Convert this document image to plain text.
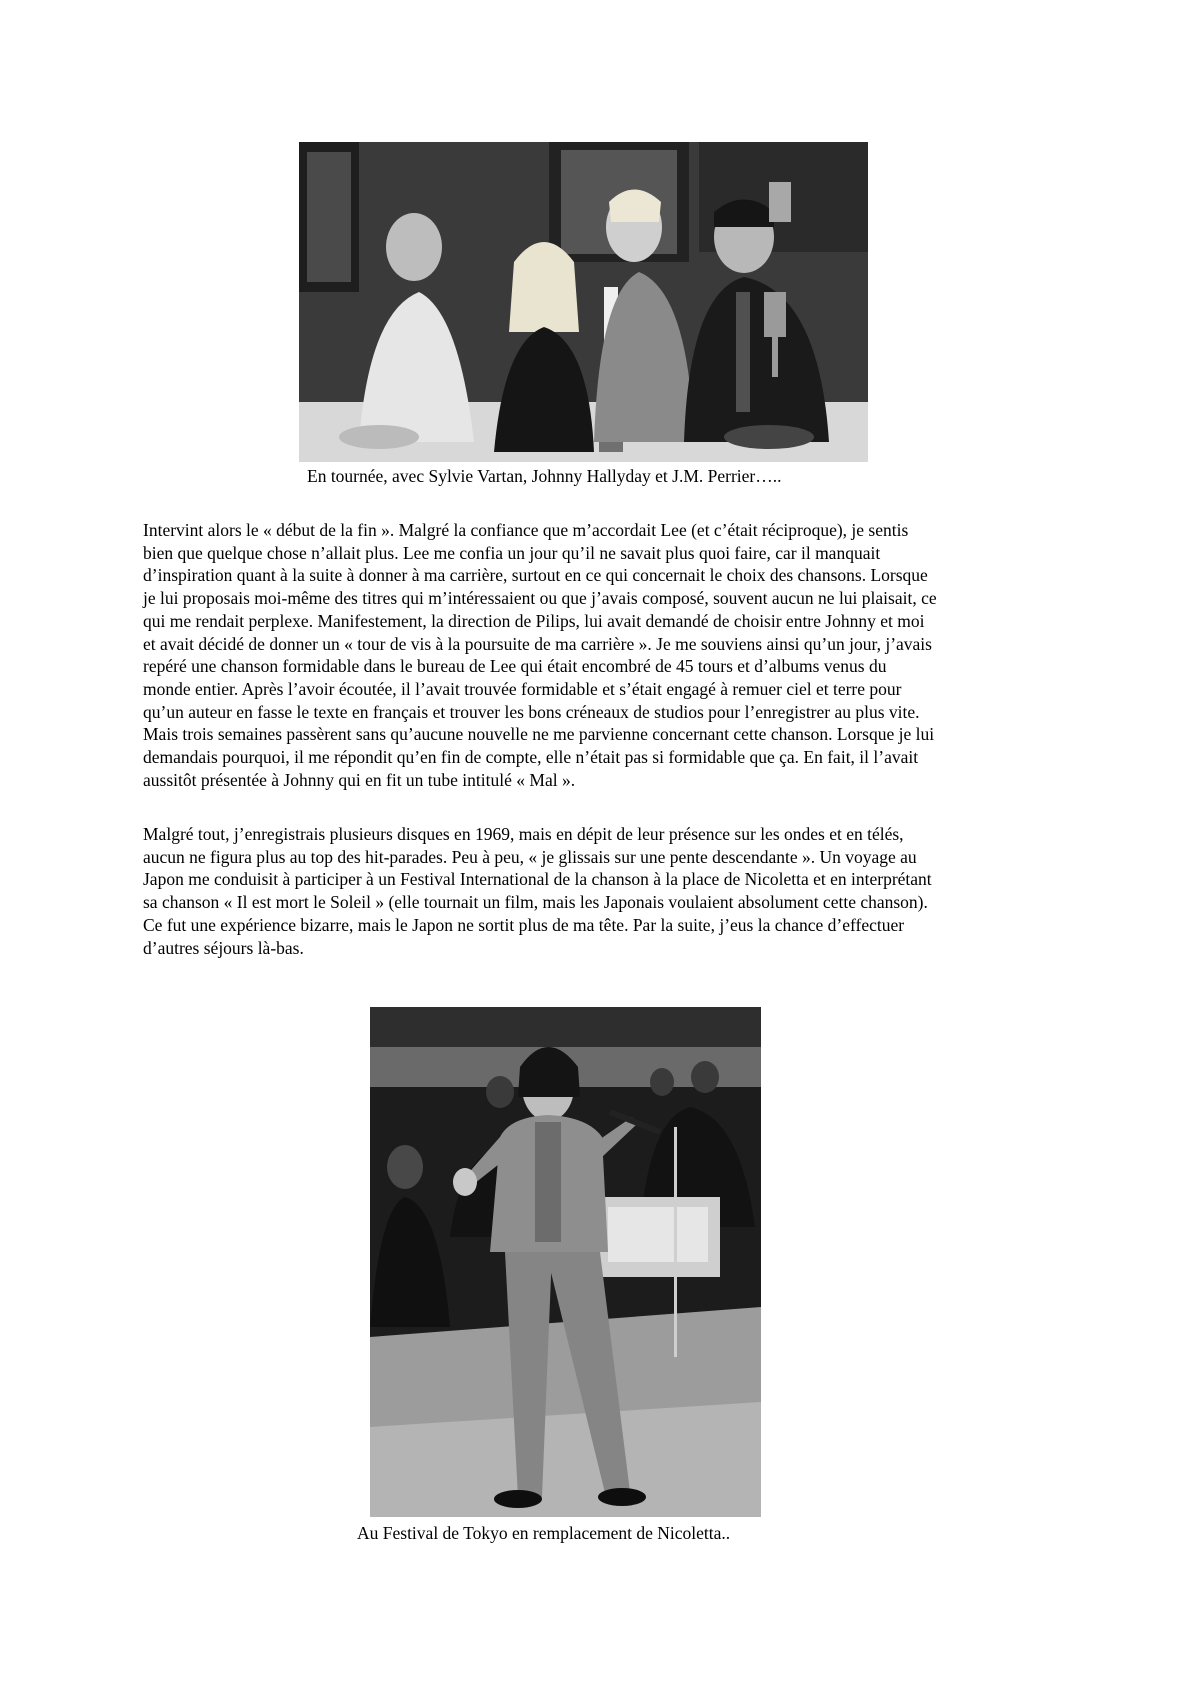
En tournée, avec Sylvie Vartan, Johnny Hallyday et J.M. Perrier…..

Intervint alors le « début de la fin ». Malgré la confiance que m’accordait Lee (et c’était réciproque), je sentis
bien que quelque chose n’allait plus. Lee me confia un jour qu’il ne savait plus quoi faire, car il manquait
d’inspiration quant à la suite à donner à ma carrière, surtout en ce qui concernait le choix des chansons. Lorsque
je lui proposais moi-même des titres qui m’intéressaient ou que j’avais composé, souvent aucun ne lui plaisait, ce
qui me rendait perplexe. Manifestement, la direction de Pilips, lui avait demandé de choisir entre Johnny et moi
et avait décidé de donner un « tour de vis à la poursuite de ma carrière ». Je me souviens ainsi qu’un jour, j’avais
repéré une chanson formidable dans le bureau de Lee qui était encombré de 45 tours et d’albums venus du
monde entier. Après l’avoir écoutée, il l’avait trouvée formidable et s’était engagé à remuer ciel et terre pour
qu’un auteur en fasse le texte en français et trouver les bons créneaux de studios pour l’enregistrer au plus vite.
Mais trois semaines passèrent sans qu’aucune nouvelle ne me parvienne concernant cette chanson. Lorsque je lui
demandais pourquoi, il me répondit qu’en fin de compte, elle n’était pas si formidable que ça. En fait, il l’avait
aussitôt présentée à Johnny qui en fit un tube intitulé « Mal ».

Malgré tout, j’enregistrais plusieurs disques en 1969, mais en dépit de leur présence sur les ondes et en télés,
aucun ne figura plus au top des hit-parades. Peu à peu, « je glissais sur une pente descendante ». Un voyage au
Japon me conduisit à participer à un Festival International de la chanson à la place de Nicoletta et en interprétant
sa chanson « Il est mort le Soleil » (elle tournait un film, mais les Japonais voulaient absolument cette chanson).
Ce fut une expérience bizarre, mais le Japon ne sortit plus de ma tête. Par la suite, j’eus la chance d’effectuer
d’autres séjours là-bas.

Au Festival de Tokyo en remplacement de Nicoletta..
